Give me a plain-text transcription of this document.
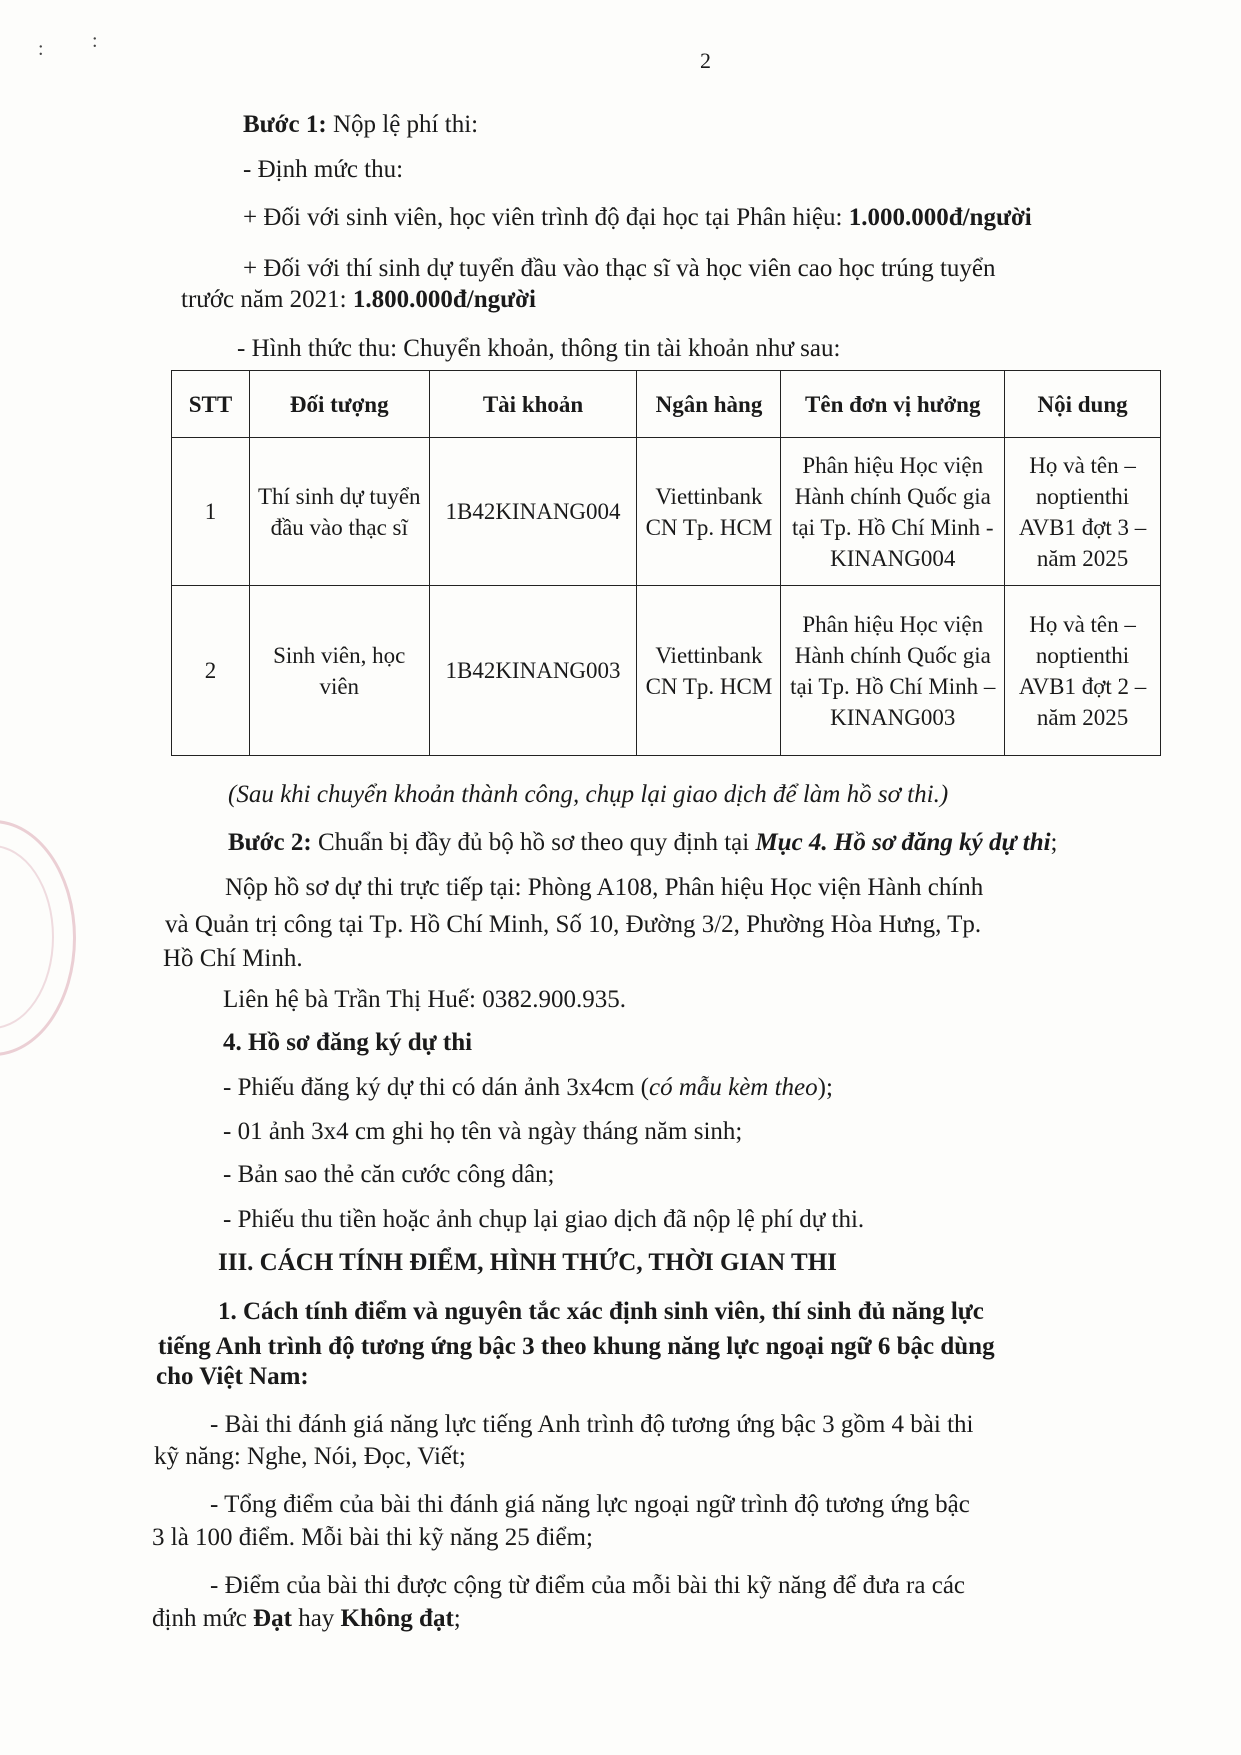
: :
2
Bước 1: Nộp lệ phí thi:
- Định mức thu:
+ Đối với sinh viên, học viên trình độ đại học tại Phân hiệu: 1.000.000đ/người
+ Đối với thí sinh dự tuyển đầu vào thạc sĩ và học viên cao học trúng tuyển
trước năm 2021: 1.800.000đ/người
- Hình thức thu: Chuyển khoản, thông tin tài khoản như sau:
STT	Đối tượng	Tài khoản	Ngân hàng	Tên đơn vị hưởng	Nội dung
1	Thí sinh dự tuyển đầu vào thạc sĩ	1B42KINANG004	Viettinbank CN Tp. HCM	Phân hiệu Học viện Hành chính Quốc gia tại Tp. Hồ Chí Minh -KINANG004	Họ và tên – noptienthi AVB1 đợt 3 – năm 2025
2	Sinh viên, học viên	1B42KINANG003	Viettinbank CN Tp. HCM	Phân hiệu Học viện Hành chính Quốc gia tại Tp. Hồ Chí Minh – KINANG003	Họ và tên – noptienthi AVB1 đợt 2 – năm 2025
(Sau khi chuyển khoản thành công, chụp lại giao dịch để làm hồ sơ thi.)
Bước 2: Chuẩn bị đầy đủ bộ hồ sơ theo quy định tại Mục 4. Hồ sơ đăng ký dự thi;
Nộp hồ sơ dự thi trực tiếp tại: Phòng A108, Phân hiệu Học viện Hành chính
và Quản trị công tại Tp. Hồ Chí Minh, Số 10, Đường 3/2, Phường Hòa Hưng, Tp.
Hồ Chí Minh.
Liên hệ bà Trần Thị Huế: 0382.900.935.
4. Hồ sơ đăng ký dự thi
- Phiếu đăng ký dự thi có dán ảnh 3x4cm (có mẫu kèm theo);
- 01 ảnh 3x4 cm ghi họ tên và ngày tháng năm sinh;
- Bản sao thẻ căn cước công dân;
- Phiếu thu tiền hoặc ảnh chụp lại giao dịch đã nộp lệ phí dự thi.
III. CÁCH TÍNH ĐIỂM, HÌNH THỨC, THỜI GIAN THI
1. Cách tính điểm và nguyên tắc xác định sinh viên, thí sinh đủ năng lực
tiếng Anh trình độ tương ứng bậc 3 theo khung năng lực ngoại ngữ 6 bậc dùng
cho Việt Nam:
- Bài thi đánh giá năng lực tiếng Anh trình độ tương ứng bậc 3 gồm 4 bài thi
kỹ năng: Nghe, Nói, Đọc, Viết;
- Tổng điểm của bài thi đánh giá năng lực ngoại ngữ trình độ tương ứng bậc
3 là 100 điểm. Mỗi bài thi kỹ năng 25 điểm;
- Điểm của bài thi được cộng từ điểm của mỗi bài thi kỹ năng để đưa ra các
định mức Đạt hay Không đạt;
